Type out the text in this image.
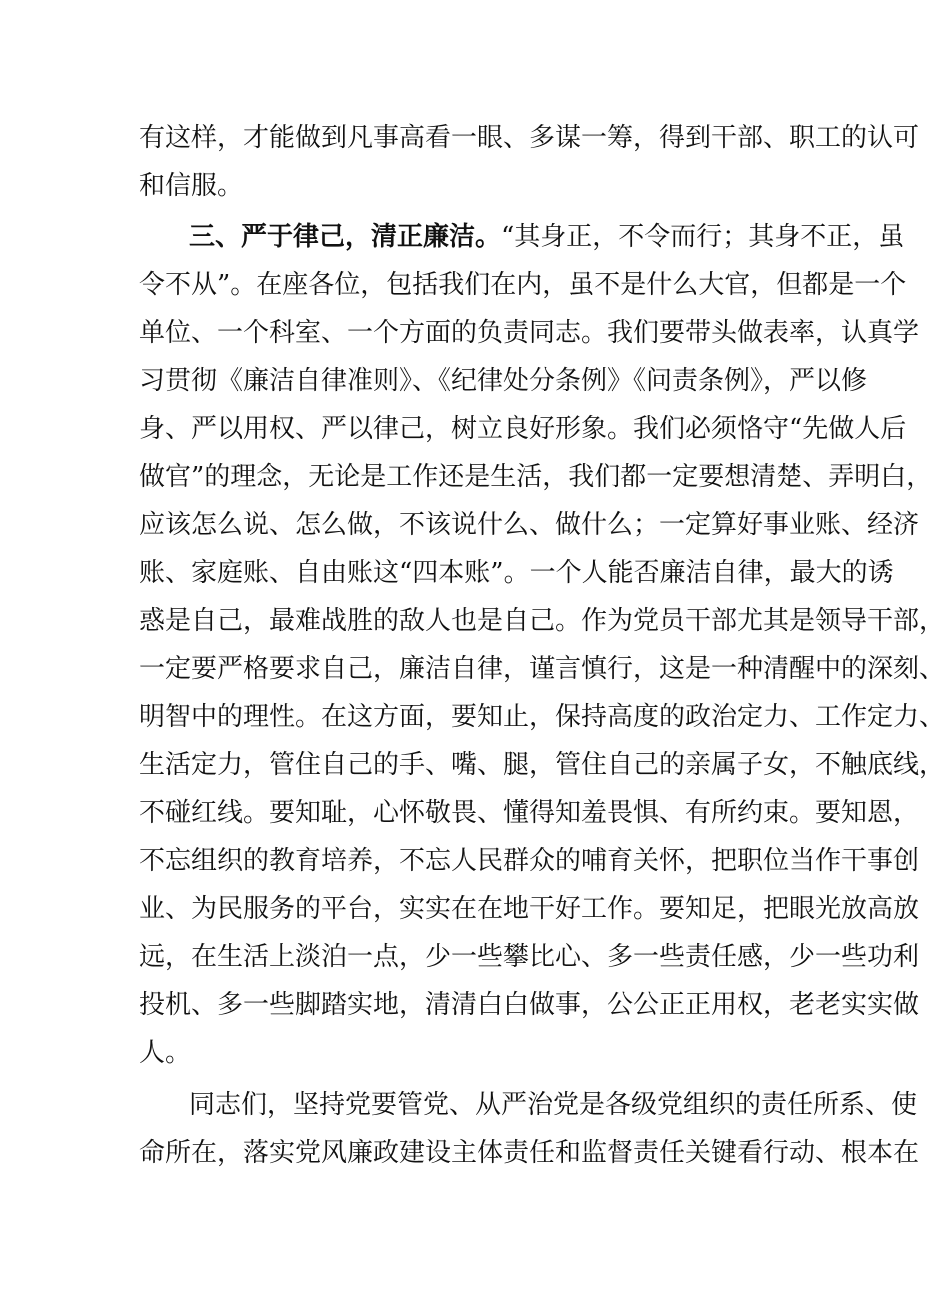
有这样，才能做到凡事高看一眼、多谋一筹，得到干部、职工的认可
和信服。
三、严于律己，清正廉洁。“其身正，不令而行；其身不正，虽
令不从”。在座各位，包括我们在内，虽不是什么大官，但都是一个
单位、一个科室、一个方面的负责同志。我们要带头做表率，认真学
习贯彻《廉洁自律准则》、《纪律处分条例》《问责条例》，严以修
身、严以用权、严以律己，树立良好形象。我们必须恪守“先做人后
做官”的理念，无论是工作还是生活，我们都一定要想清楚、弄明白，
应该怎么说、怎么做，不该说什么、做什么；一定算好事业账、经济
账、家庭账、自由账这“四本账”。一个人能否廉洁自律，最大的诱
惑是自己，最难战胜的敌人也是自己。作为党员干部尤其是领导干部，
一定要严格要求自己，廉洁自律，谨言慎行，这是一种清醒中的深刻、
明智中的理性。在这方面，要知止，保持高度的政治定力、工作定力、
生活定力，管住自己的手、嘴、腿，管住自己的亲属子女，不触底线，
不碰红线。要知耻，心怀敬畏、懂得知羞畏惧、有所约束。要知恩，
不忘组织的教育培养，不忘人民群众的哺育关怀，把职位当作干事创
业、为民服务的平台，实实在在地干好工作。要知足，把眼光放高放
远，在生活上淡泊一点，少一些攀比心、多一些责任感，少一些功利
投机、多一些脚踏实地，清清白白做事，公公正正用权，老老实实做
人。
同志们，坚持党要管党、从严治党是各级党组织的责任所系、使
命所在，落实党风廉政建设主体责任和监督责任关键看行动、根本在
